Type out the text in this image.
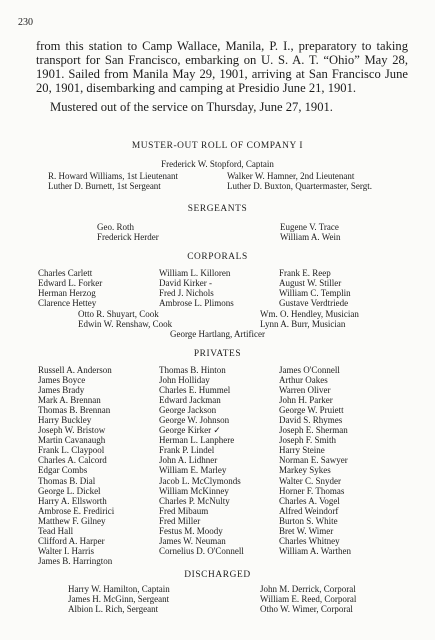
230
from this station to Camp Wallace, Manila, P. I., preparatory to taking transport for San Francisco, embarking on U. S. A. T. “Ohio” May 28, 1901. Sailed from Manila May 29, 1901, arriving at San Francisco June 20, 1901, disembarking and camping at Presidio June 21, 1901.
Mustered out of the service on Thursday, June 27, 1901.
MUSTER-OUT ROLL OF COMPANY I
Frederick W. Stopford, Captain
R. Howard Williams, 1st Lieutenant
Luther D. Burnett, 1st Sergeant
Walker W. Hamner, 2nd Lieutenant
Luther D. Buxton, Quartermaster, Sergt.
SERGEANTS
Geo. Roth
Frederick Herder
Eugene V. Trace
William A. Wein
CORPORALS
Charles Carlett
Edward L. Forker
Herman Herzog
Clarence Hettey
William L. Killoren
David Kirker -
Fred J. Nichols
Ambrose L. Plimons
Frank E. Reep
August W. Stiller
William C. Templin
Gustave Verdtriede
Otto R. Shuyart, Cook
Edwin W. Renshaw, Cook
Wm. O. Hendley, Musician
Lynn A. Burr, Musician
George Hartlang, Artificer
PRIVATES
Russell A. Anderson
James Boyce
James Brady
Mark A. Brennan
Thomas B. Brennan
Harry Buckley
Joseph W. Bristow
Martin Cavanaugh
Frank L. Claypool
Charles A. Calcord
Edgar Combs
Thomas B. Dial
George L. Dickel
Harry A. Ellsworth
Ambrose E. Fredirici
Matthew F. Gilney
Tead Hall
Clifford A. Harper
Walter I. Harris
James B. Harrington
Thomas B. Hinton
John Holliday
Charles E. Hummel
Edward Jackman
George Jackson
George W. Johnson
George Kirker ✓
Herman L. Lanphere
Frank P. Lindel
John A. Lidhner
William E. Marley
Jacob L. McClymonds
William McKinney
Charles P. McNulty
Fred Mibaum
Fred Miller
Festus M. Moody
James W. Neuman
Cornelius D. O'Connell
James O'Connell
Arthur Oakes
Warren Oliver
John H. Parker
George W. Pruiett
David S. Rhymes
Joseph E. Sherman
Joseph F. Smith
Harry Steine
Norman E. Sawyer
Markey Sykes
Walter C. Snyder
Horner F. Thomas
Charles A. Vogel
Alfred Weindorf
Burton S. White
Bret W. Wimer
Charles Whitney
William A. Warthen
DISCHARGED
Harry W. Hamilton, Captain
James H. McGinn, Sergeant
Albion L. Rich, Sergeant
John M. Derrick, Corporal
William E. Reed, Corporal
Otho W. Wimer, Corporal
